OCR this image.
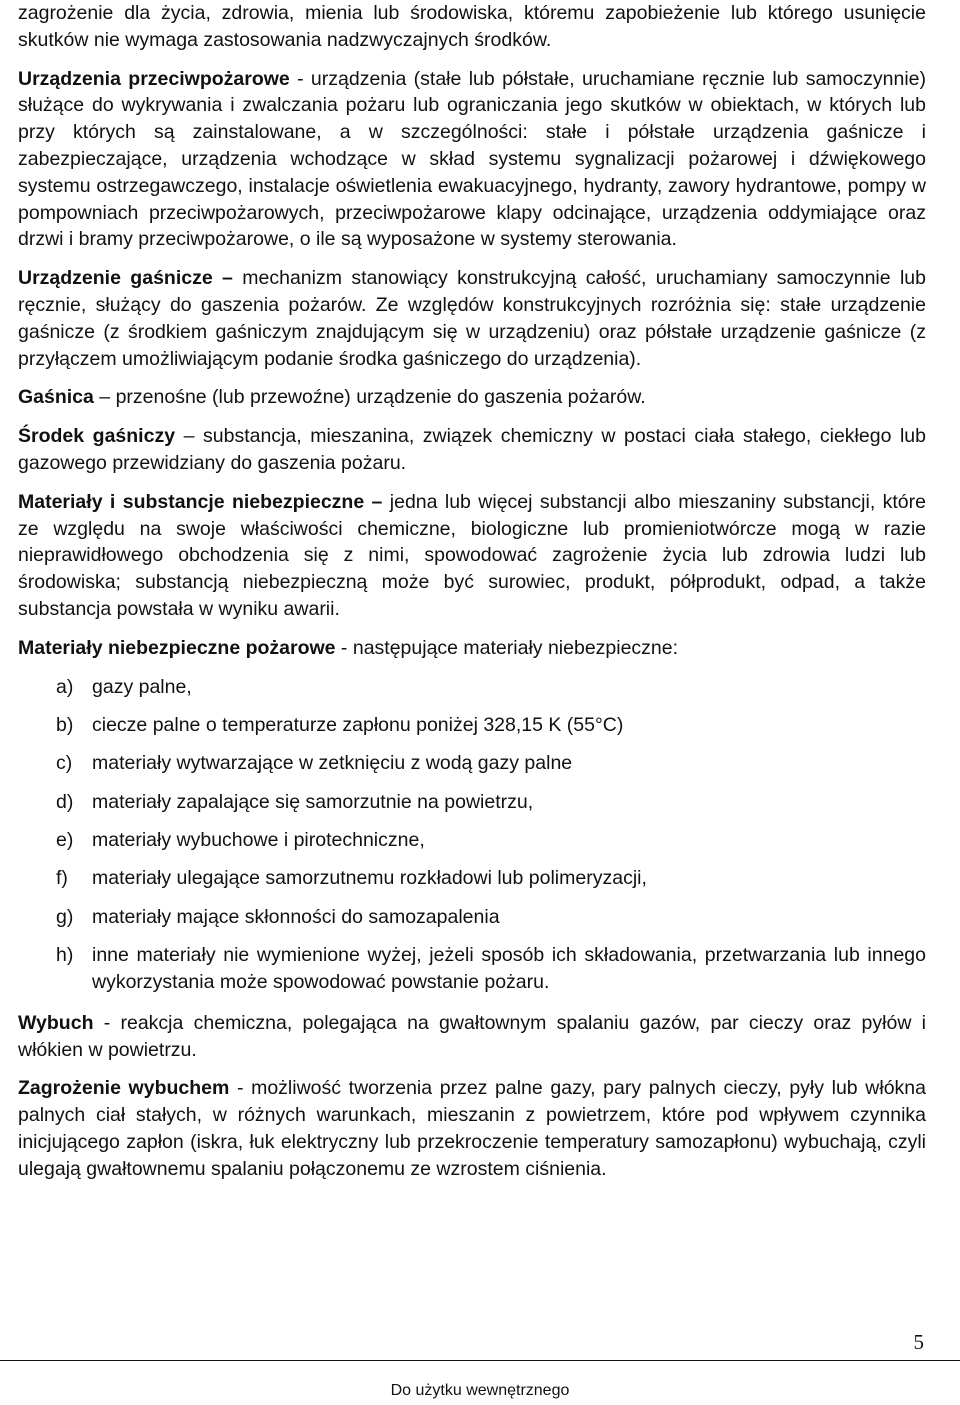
zagrożenie dla życia, zdrowia, mienia lub środowiska, któremu zapobieżenie lub którego usunięcie skutków nie wymaga zastosowania nadzwyczajnych środków.

Urządzenia przeciwpożarowe - urządzenia (stałe lub półstałe, uruchamiane ręcznie lub samoczynnie) służące do wykrywania i zwalczania pożaru lub ograniczania jego skutków w obiektach, w których lub przy których są zainstalowane, a w szczególności: stałe i półstałe urządzenia gaśnicze i zabezpieczające, urządzenia wchodzące w skład systemu sygnalizacji pożarowej i dźwiękowego systemu ostrzegawczego, instalacje oświetlenia ewakuacyjnego, hydranty, zawory hydrantowe, pompy w pompowniach przeciwpożarowych, przeciwpożarowe klapy odcinające, urządzenia oddymiające oraz drzwi i bramy przeciwpożarowe, o ile są wyposażone w systemy sterowania.

Urządzenie gaśnicze – mechanizm stanowiący konstrukcyjną całość, uruchamiany samoczynnie lub ręcznie, służący do gaszenia pożarów. Ze względów konstrukcyjnych rozróżnia się: stałe urządzenie gaśnicze (z środkiem gaśniczym znajdującym się w urządzeniu) oraz półstałe urządzenie gaśnicze (z przyłączem umożliwiającym podanie środka gaśniczego do urządzenia).

Gaśnica – przenośne (lub przewoźne) urządzenie do gaszenia pożarów.

Środek gaśniczy – substancja, mieszanina, związek chemiczny w postaci ciała stałego, ciekłego lub gazowego przewidziany do gaszenia pożaru.

Materiały i substancje niebezpieczne – jedna lub więcej substancji albo mieszaniny substancji, które ze względu na swoje właściwości chemiczne, biologiczne lub promieniotwórcze mogą w razie nieprawidłowego obchodzenia się z nimi, spowodować zagrożenie życia lub zdrowia ludzi lub środowiska; substancją niebezpieczną może być surowiec, produkt, półprodukt, odpad, a także substancja powstała w wyniku awarii.

Materiały niebezpieczne pożarowe - następujące materiały niebezpieczne:

a) gazy palne,
b) ciecze palne o temperaturze zapłonu poniżej 328,15 K (55°C)
c)	materiały wytwarzające w zetknięciu z wodą gazy palne
d) materiały zapalające się samorzutnie na powietrzu,
e) materiały wybuchowe i pirotechniczne,
f)	materiały ulegające samorzutnemu rozkładowi lub polimeryzacji,
g) materiały mające skłonności do samozapalenia
h) inne materiały nie wymienione wyżej, jeżeli sposób ich składowania, przetwarzania lub innego wykorzystania może spowodować powstanie pożaru.

Wybuch - reakcja chemiczna, polegająca na gwałtownym spalaniu gazów, par cieczy oraz pyłów i włókien w powietrzu.

Zagrożenie wybuchem - możliwość tworzenia przez palne gazy, pary palnych cieczy, pyły lub włókna palnych ciał stałych, w różnych warunkach, mieszanin z powietrzem, które pod wpływem czynnika inicjującego zapłon (iskra, łuk elektryczny lub przekroczenie temperatury samozapłonu) wybuchają, czyli ulegają gwałtownemu spalaniu połączonemu ze wzrostem ciśnienia.

5
Do użytku wewnętrznego
